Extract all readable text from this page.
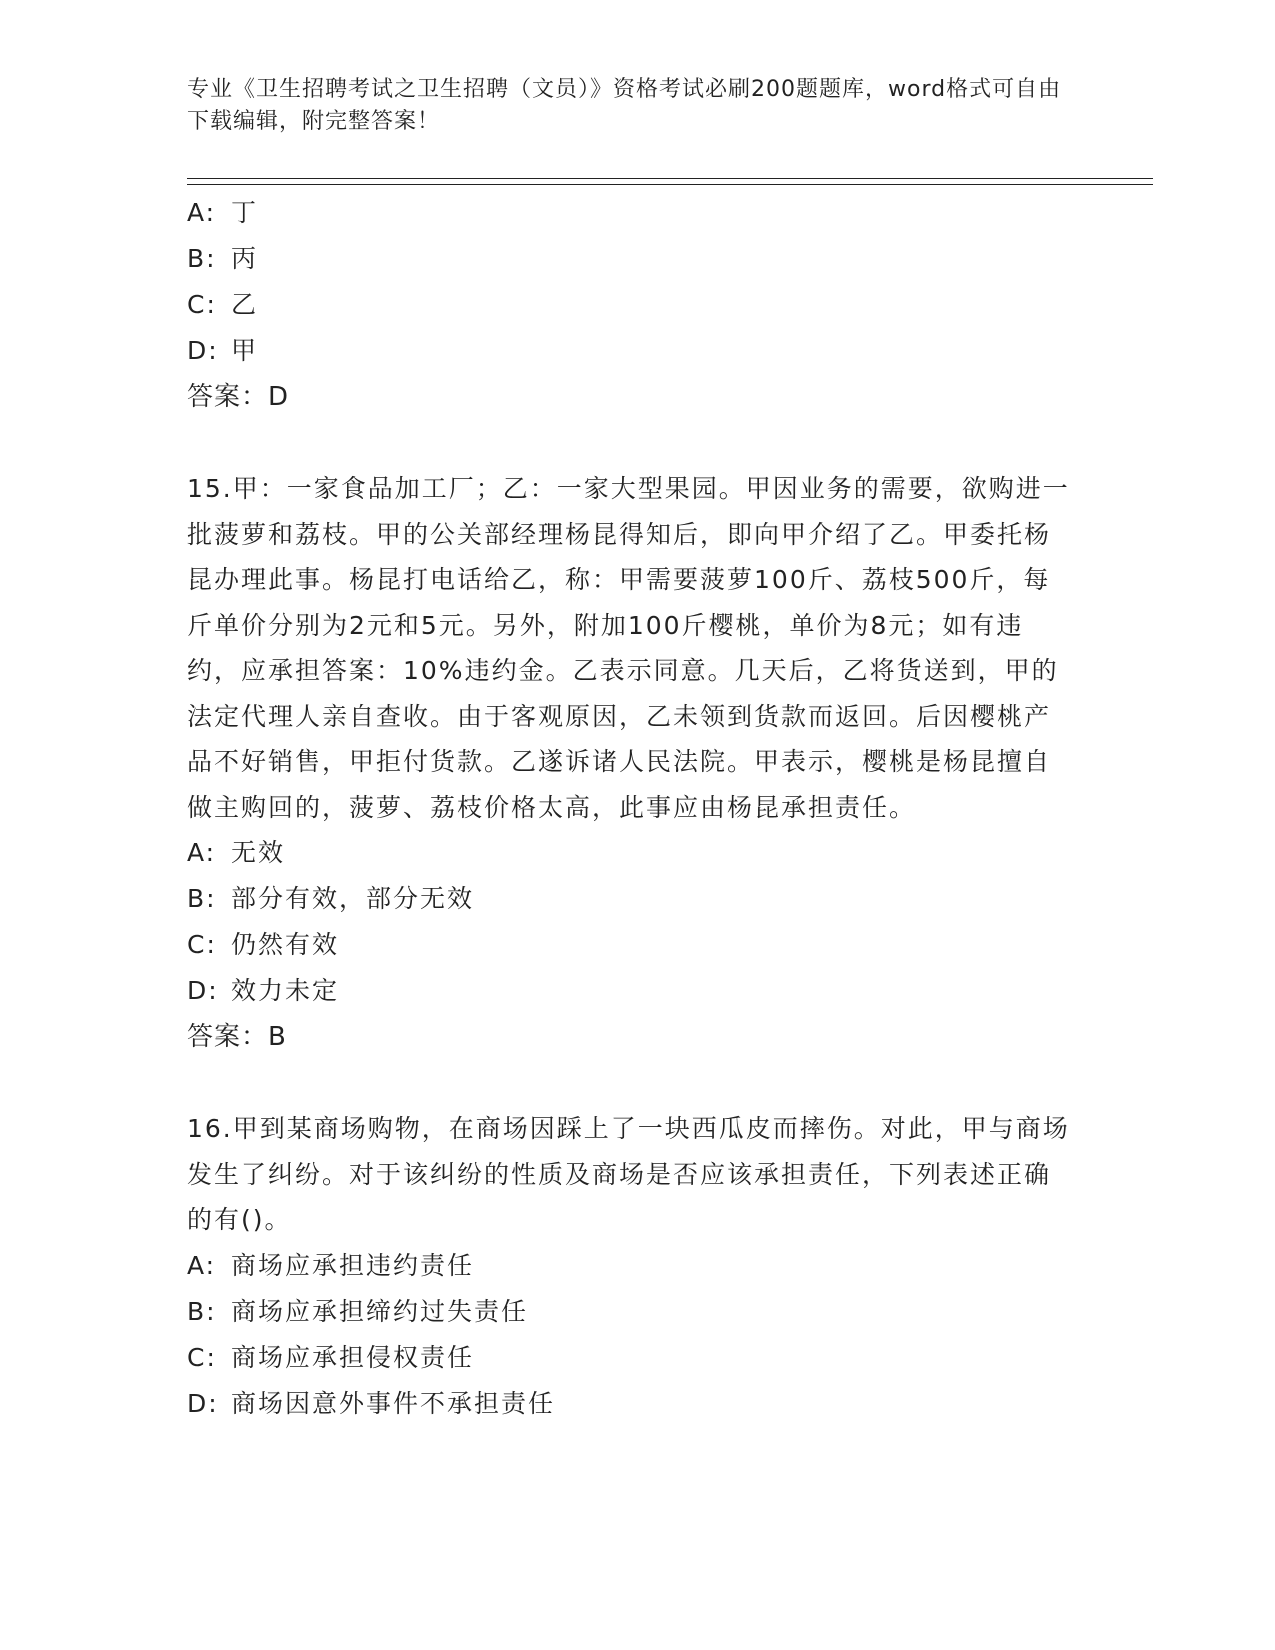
专业《卫生招聘考试之卫生招聘（文员）》资格考试必刷200题题库，word格式可自由下载编辑，附完整答案！
A: 丁
B: 丙
C: 乙
D: 甲
答案：D

15.甲：一家食品加工厂；乙：一家大型果园。甲因业务的需要，欲购进一批菠萝和荔枝。甲的公关部经理杨昆得知后，即向甲介绍了乙。甲委托杨昆办理此事。杨昆打电话给乙，称：甲需要菠萝100斤、荔枝500斤，每斤单价分别为2元和5元。另外，附加100斤樱桃，单价为8元；如有违约，应承担答案：10%违约金。乙表示同意。几天后，乙将货送到，甲的法定代理人亲自查收。由于客观原因，乙未领到货款而返回。后因樱桃产品不好销售，甲拒付货款。乙遂诉诸人民法院。甲表示，樱桃是杨昆擅自做主购回的，菠萝、荔枝价格太高，此事应由杨昆承担责任。

A: 无效
B: 部分有效，部分无效
C: 仍然有效
D: 效力未定
答案：B

16.甲到某商场购物，在商场因踩上了一块西瓜皮而摔伤。对此，甲与商场发生了纠纷。对于该纠纷的性质及商场是否应该承担责任，下列表述正确的有()。

A: 商场应承担违约责任
B: 商场应承担缔约过失责任
C: 商场应承担侵权责任
D: 商场因意外事件不承担责任
